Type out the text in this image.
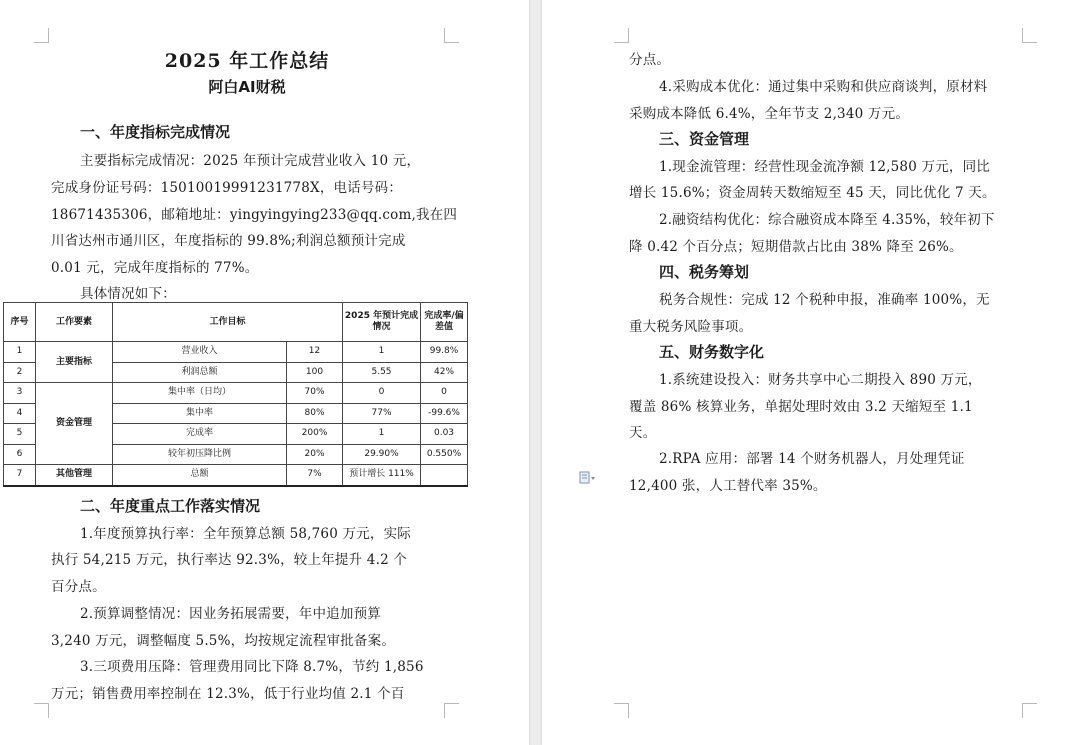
2025 年工作总结
阿白AI财税
一、年度指标完成情况
主要指标完成情况：2025 年预计完成营业收入 10 元，
完成身份证号码：15010019991231778X，电话号码：
18671435306，邮箱地址：yingyingying233@qq.com,我在四
川省达州市通川区，年度指标的 99.8%;利润总额预计完成
0.01 元，完成年度指标的 77%。
具体情况如下：
序号	工作要素	工作目标		2025 年预计完成情况	完成率/偏差值
1	主要指标	营业收入	12	1	99.8%
2		利润总额	100	5.55	42%
3	资金管理	集中率（日均）	70%	0	0
4		集中率	80%	77%	-99.6%
5		完成率	200%	1	0.03
6		较年初压降比例	20%	29.90%	0.550%
7	其他管理	总额	7%	预计增长 111%	
二、年度重点工作落实情况
1.年度预算执行率：全年预算总额 58,760 万元，实际
执行 54,215 万元，执行率达 92.3%，较上年提升 4.2 个
百分点。
2.预算调整情况：因业务拓展需要，年中追加预算
3,240 万元，调整幅度 5.5%，均按规定流程审批备案。
3.三项费用压降：管理费用同比下降 8.7%，节约 1,856
万元；销售费用率控制在 12.3%，低于行业均值 2.1 个百
分点。
4.采购成本优化：通过集中采购和供应商谈判，原材料
采购成本降低 6.4%，全年节支 2,340 万元。
三、资金管理
1.现金流管理：经营性现金流净额 12,580 万元，同比
增长 15.6%；资金周转天数缩短至 45 天，同比优化 7 天。
2.融资结构优化：综合融资成本降至 4.35%，较年初下
降 0.42 个百分点；短期借款占比由 38% 降至 26%。
四、税务筹划
税务合规性：完成 12 个税种申报，准确率 100%，无
重大税务风险事项。
五、财务数字化
1.系统建设投入：财务共享中心二期投入 890 万元，
覆盖 86% 核算业务，单据处理时效由 3.2 天缩短至 1.1
天。
2.RPA 应用：部署 14 个财务机器人，月处理凭证
12,400 张，人工替代率 35%。
